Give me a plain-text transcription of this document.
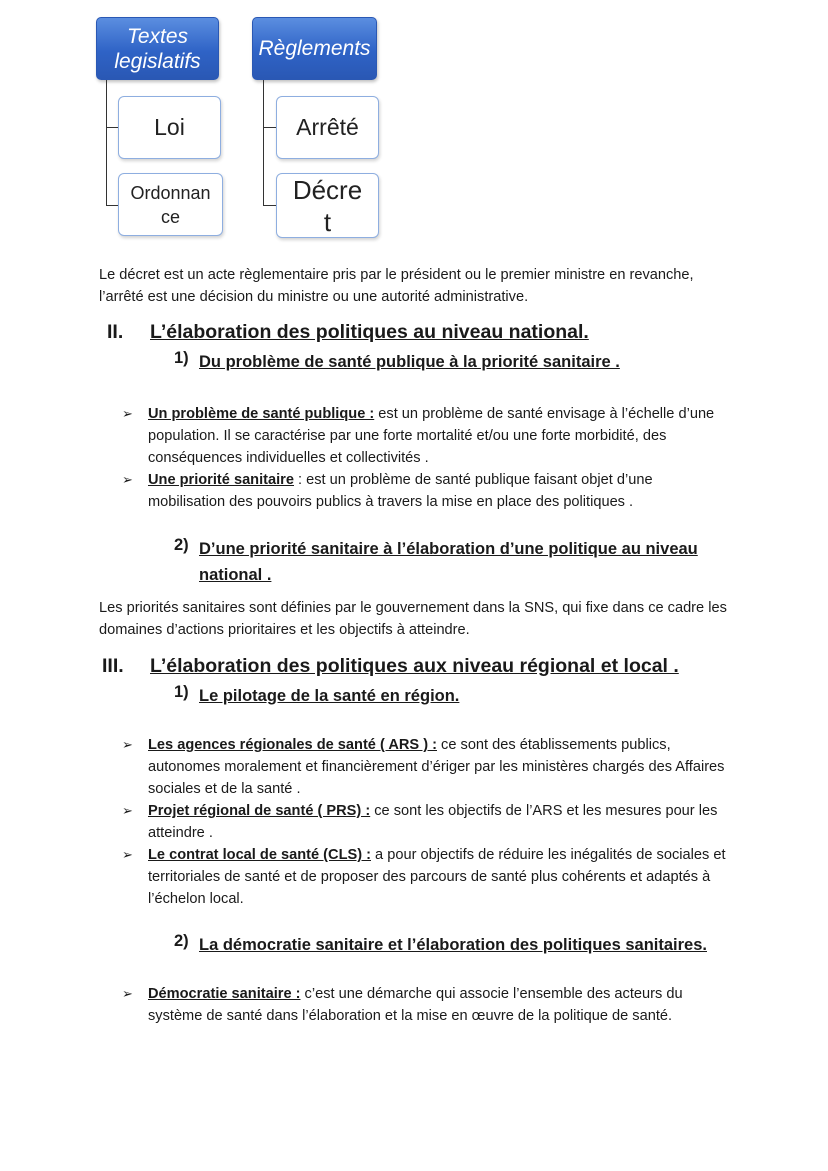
Textes
legislatifs
Loi
Ordonnan
ce
Règlements
Arrêté
Décre
t
Le décret est un acte règlementaire pris par le président ou le premier ministre en revanche, l’arrêté est une décision du ministre ou une autorité administrative.
II. L’élaboration des politiques au niveau national.
1) Du problème de santé publique à la priorité sanitaire .
➢ Un problème de santé publique : est un problème de santé envisage à l’échelle d’une population. Il se caractérise par une forte mortalité et/ou une forte morbidité, des conséquences individuelles et collectivités .
➢ Une priorité sanitaire : est un problème de santé publique faisant objet d’une mobilisation des pouvoirs publics à travers la mise en place des politiques .
2) D’une priorité sanitaire à l’élaboration d’une politique au niveau
national .
Les priorités sanitaires sont définies par le gouvernement dans la SNS, qui fixe dans ce cadre les domaines d’actions prioritaires et les objectifs à atteindre.
III. L’élaboration des politiques aux niveau régional et local .
1) Le pilotage de la santé en région.
➢ Les agences régionales de santé ( ARS ) : ce sont des établissements publics, autonomes moralement et financièrement d’ériger par les ministères chargés des Affaires sociales et de la santé .
➢ Projet régional de santé ( PRS) : ce sont les objectifs de l’ARS et les mesures pour les atteindre .
➢ Le contrat local de santé (CLS) : a pour objectifs de réduire les inégalités de sociales et territoriales de santé et de proposer des parcours de santé plus cohérents et adaptés à l’échelon local.
2) La démocratie sanitaire et l’élaboration des politiques sanitaires.
➢ Démocratie sanitaire : c’est une démarche qui associe l’ensemble des acteurs du système de santé dans l’élaboration et la mise en œuvre de la politique de santé.
